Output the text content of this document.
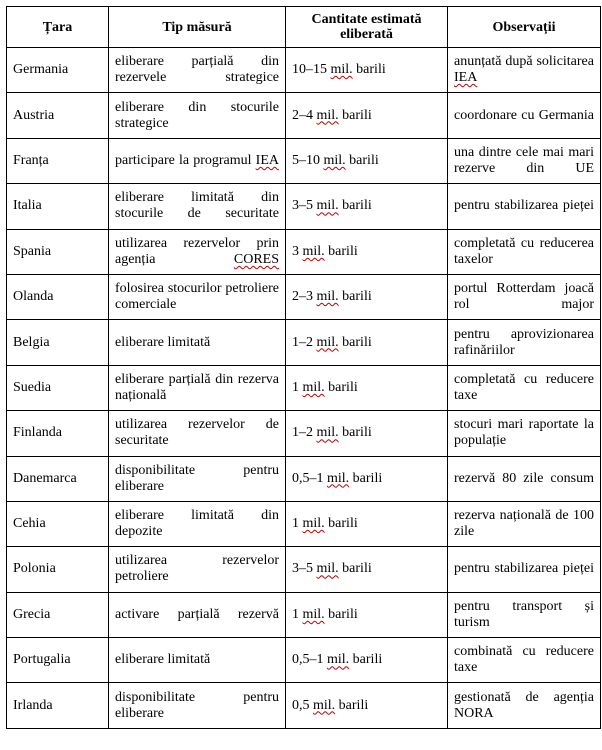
Țara	Tip măsură	Cantitate estimată eliberată	Observații
Germania	eliberare parțială din rezervele strategice	10–15 mil. barili	anunțată după solicitarea IEA
Austria	eliberare din stocurile strategice	2–4 mil. barili	coordonare cu Germania
Franța	participare la programul IEA	5–10 mil. barili	una dintre cele mai mari rezerve din UE
Italia	eliberare limitată din stocurile de securitate	3–5 mil. barili	pentru stabilizarea pieței
Spania	utilizarea rezervelor prin agenția CORES	3 mil. barili	completată cu reducerea taxelor
Olanda	folosirea stocurilor petroliere comerciale	2–3 mil. barili	portul Rotterdam joacă rol major
Belgia	eliberare limitată	1–2 mil. barili	pentru aprovizionarea rafinăriilor
Suedia	eliberare parțială din rezerva națională	1 mil. barili	completată cu reducere taxe
Finlanda	utilizarea rezervelor de securitate	1–2 mil. barili	stocuri mari raportate la populație
Danemarca	disponibilitate pentru eliberare	0,5–1 mil. barili	rezervă 80 zile consum
Cehia	eliberare limitată din depozite	1 mil. barili	rezerva națională de 100 zile
Polonia	utilizarea rezervelor petroliere	3–5 mil. barili	pentru stabilizarea pieței
Grecia	activare parțială rezervă	1 mil. barili	pentru transport și turism
Portugalia	eliberare limitată	0,5–1 mil. barili	combinată cu reducere taxe
Irlanda	disponibilitate pentru eliberare	0,5 mil. barili	gestionată de agenția NORA
